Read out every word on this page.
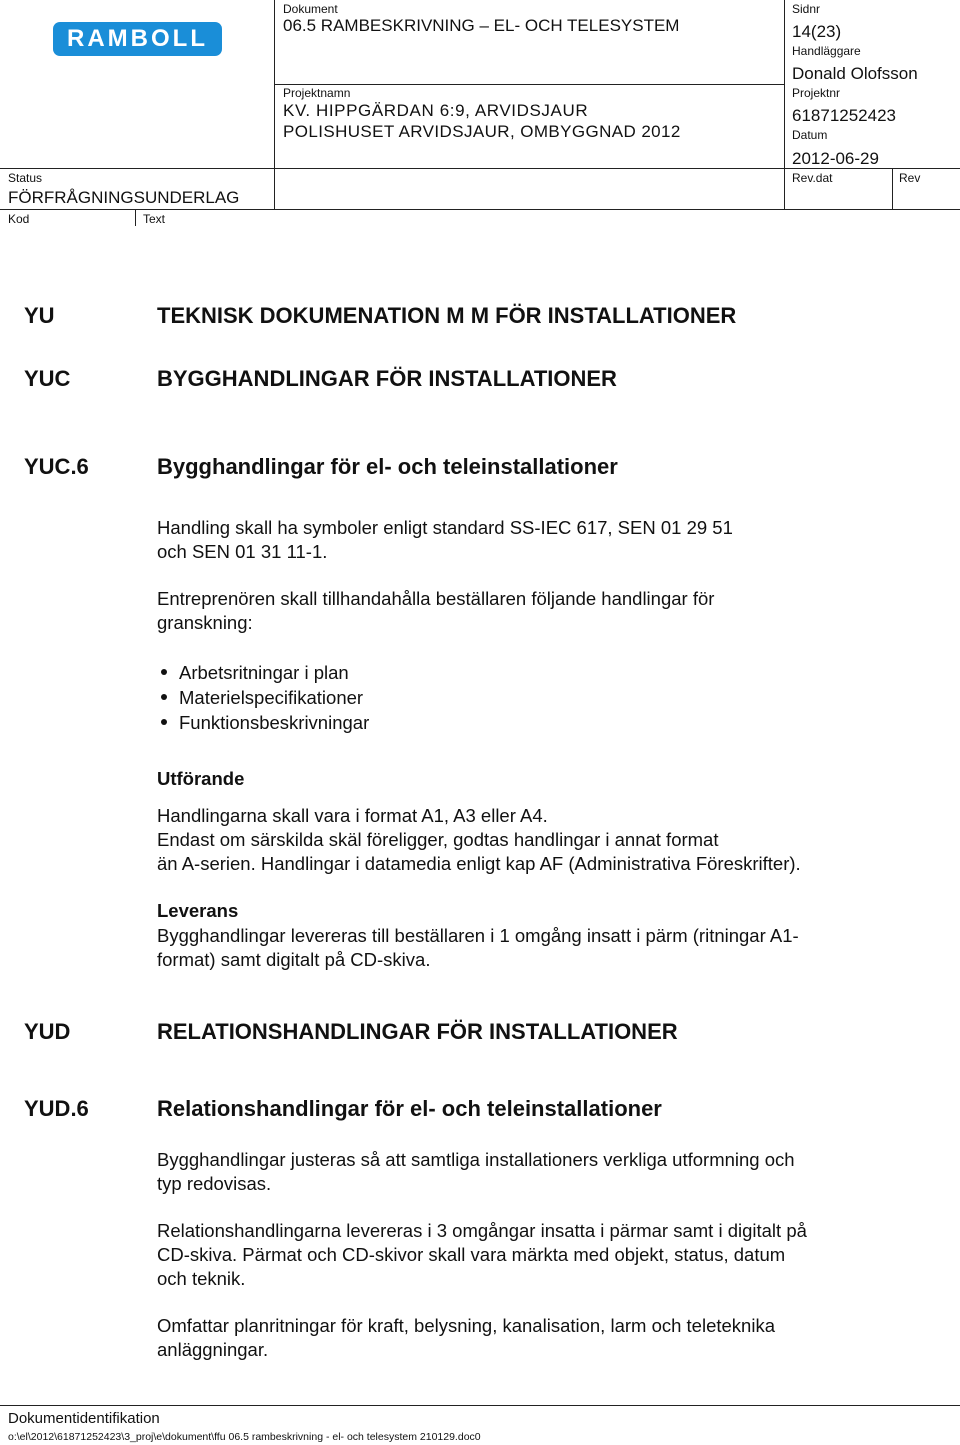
RAMBOLL
Dokument
06.5 RAMBESKRIVNING – EL- OCH TELESYSTEM
Projektnamn
KV. HIPPGÄRDAN 6:9, ARVIDSJAUR
POLISHUSET ARVIDSJAUR, OMBYGGNAD 2012
Sidnr
14(23)
Handläggare
Donald Olofsson
Projektnr
61871252423
Datum
2012-06-29
Rev.dat	Rev
Status
FÖRFRÅGNINGSUNDERLAG
Kod	Text
YU	TEKNISK DOKUMENATION M M FÖR INSTALLATIONER
YUC	BYGGHANDLINGAR FÖR INSTALLATIONER
YUC.6	Bygghandlingar för el- och teleinstallationer
Handling skall ha symboler enligt standard SS-IEC 617, SEN 01 29 51
och SEN 01 31 11-1.
Entreprenören skall tillhandahålla beställaren följande handlingar för
granskning:
Arbetsritningar i plan
Materielspecifikationer
Funktionsbeskrivningar
Utförande
Handlingarna skall vara i format A1, A3 eller A4.
Endast om särskilda skäl föreligger, godtas handlingar i annat format
än A-serien. Handlingar i datamedia enligt kap AF (Administrativa Föreskrifter).
Leverans
Bygghandlingar levereras till beställaren i 1 omgång insatt i pärm (ritningar A1-
format) samt digitalt på CD-skiva.
YUD	RELATIONSHANDLINGAR FÖR INSTALLATIONER
YUD.6	Relationshandlingar för el- och teleinstallationer
Bygghandlingar justeras så att samtliga installationers verkliga utformning och
typ redovisas.
Relationshandlingarna levereras i 3 omgångar insatta i pärmar samt i digitalt på
CD-skiva. Pärmat och CD-skivor skall vara märkta med objekt, status, datum
och teknik.
Omfattar planritningar för kraft, belysning, kanalisation, larm och teleteknika
anläggningar.
Dokumentidentifikation
o:\el\2012\61871252423\3_proj\e\dokument\ffu 06.5 rambeskrivning - el- och telesystem 210129.doc0
